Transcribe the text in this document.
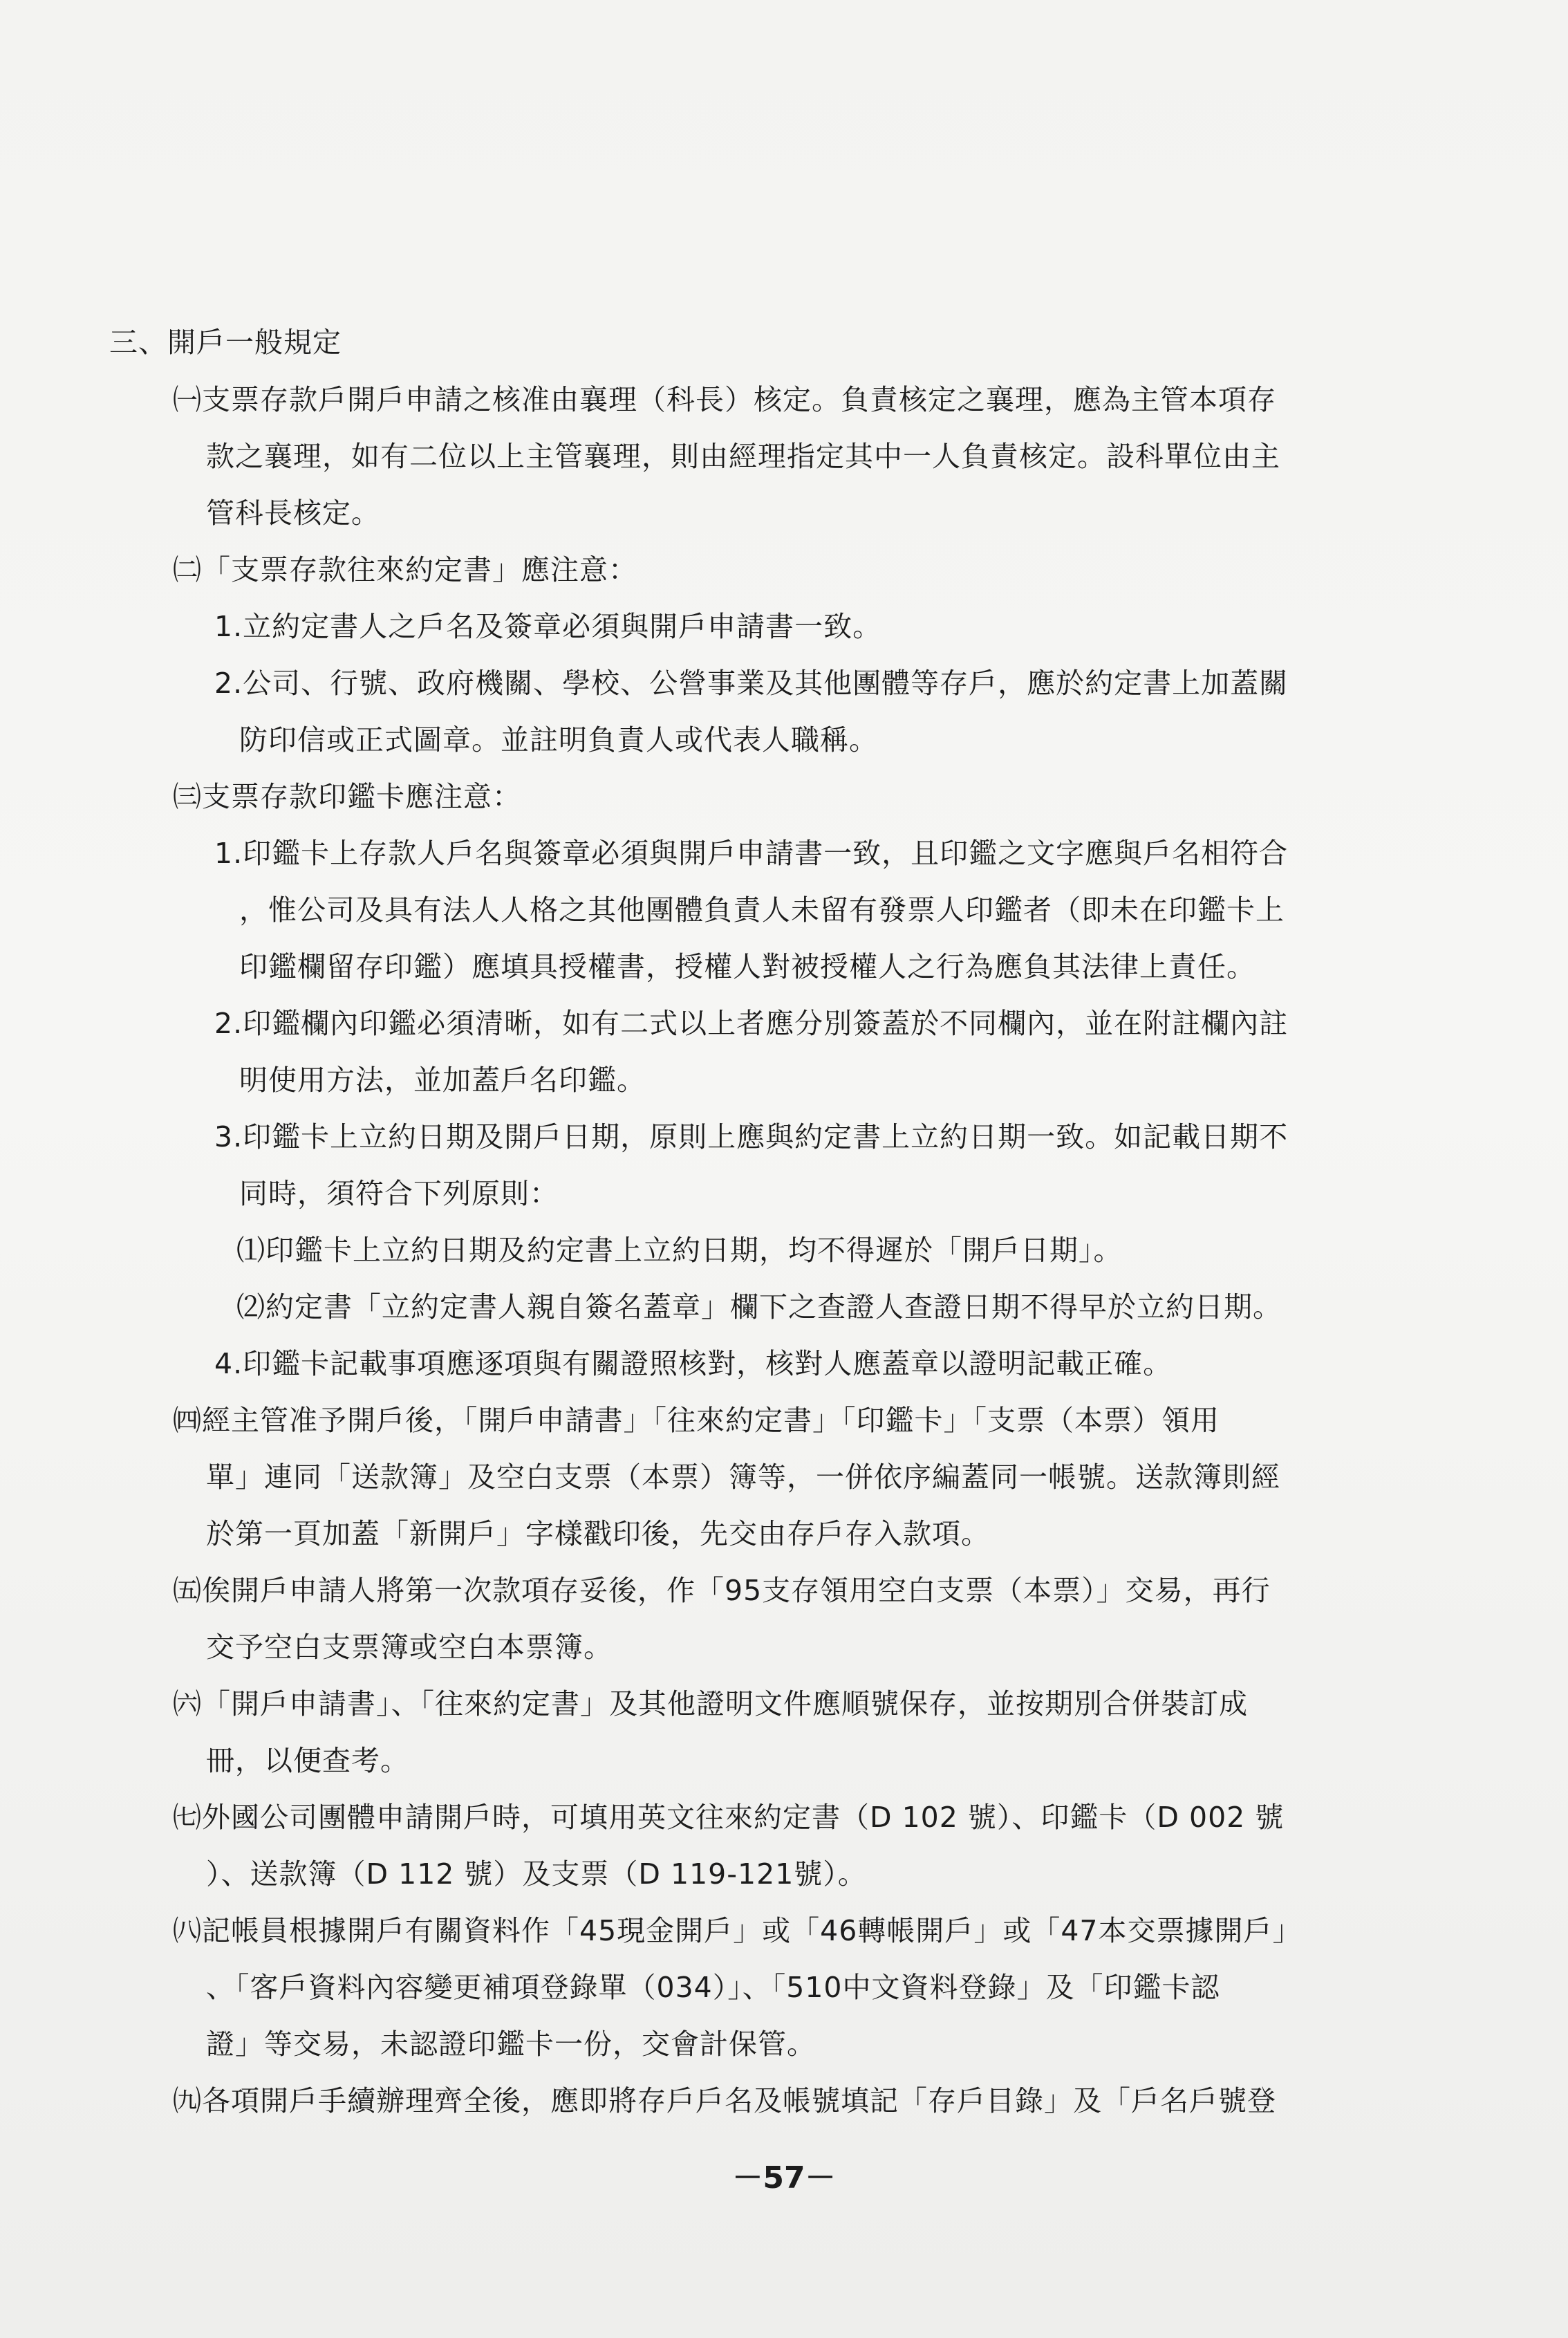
三、開戶一般規定
㈠支票存款戶開戶申請之核准由襄理（科長）核定。負責核定之襄理，應為主管本項存
款之襄理，如有二位以上主管襄理，則由經理指定其中一人負責核定。設科單位由主
管科長核定。
㈡「支票存款往來約定書」應注意：
1.立約定書人之戶名及簽章必須與開戶申請書一致。
2.公司、行號、政府機關、學校、公營事業及其他團體等存戶，應於約定書上加蓋關
防印信或正式圖章。並註明負責人或代表人職稱。
㈢支票存款印鑑卡應注意：
1.印鑑卡上存款人戶名與簽章必須與開戶申請書一致，且印鑑之文字應與戶名相符合
，惟公司及具有法人人格之其他團體負責人未留有發票人印鑑者（即未在印鑑卡上
印鑑欄留存印鑑）應填具授權書，授權人對被授權人之行為應負其法律上責任。
2.印鑑欄內印鑑必須清晰，如有二式以上者應分別簽蓋於不同欄內，並在附註欄內註
明使用方法，並加蓋戶名印鑑。
3.印鑑卡上立約日期及開戶日期，原則上應與約定書上立約日期一致。如記載日期不
同時，須符合下列原則：
⑴印鑑卡上立約日期及約定書上立約日期，均不得遲於「開戶日期」。
⑵約定書「立約定書人親自簽名蓋章」欄下之查證人查證日期不得早於立約日期。
4.印鑑卡記載事項應逐項與有關證照核對，核對人應蓋章以證明記載正確。
㈣經主管准予開戶後，「開戶申請書」「往來約定書」「印鑑卡」「支票（本票）領用
單」連同「送款簿」及空白支票（本票）簿等，一併依序編蓋同一帳號。送款簿則經
於第一頁加蓋「新開戶」字樣戳印後，先交由存戶存入款項。
㈤俟開戶申請人將第一次款項存妥後，作「95支存領用空白支票（本票）」交易，再行
交予空白支票簿或空白本票簿。
㈥「開戶申請書」、「往來約定書」及其他證明文件應順號保存，並按期別合併裝訂成
冊，以便查考。
㈦外國公司團體申請開戶時，可填用英文往來約定書（D 102 號）、印鑑卡（D 002 號
）、送款簿（D 112 號）及支票（D 119-121號）。
㈧記帳員根據開戶有關資料作「45現金開戶」或「46轉帳開戶」或「47本交票據開戶」
、「客戶資料內容變更補項登錄單（034）」、「510中文資料登錄」及「印鑑卡認
證」等交易，未認證印鑑卡一份，交會計保管。
㈨各項開戶手續辦理齊全後，應即將存戶戶名及帳號填記「存戶目錄」及「戶名戶號登
－57－
